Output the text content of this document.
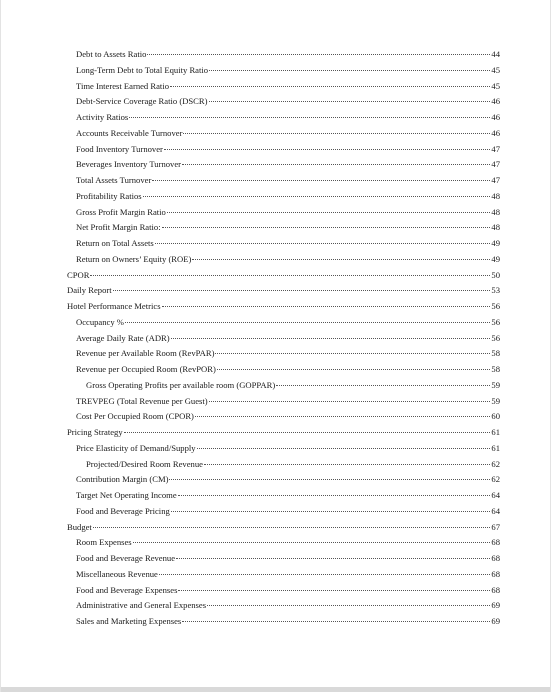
Debt to Assets Ratio	44
Long-Term Debt to Total Equity Ratio	45
Time Interest Earned Ratio	45
Debt-Service Coverage Ratio (DSCR)	46
Activity Ratios	46
Accounts Receivable Turnover	46
Food Inventory Turnover	47
Beverages Inventory Turnover	47
Total Assets Turnover	47
Profitability Ratios	48
Gross Profit Margin Ratio	48
Net Profit Margin Ratio:	48
Return on Total Assets	49
Return on Owners’ Equity (ROE)	49
CPOR	50
Daily Report	53
Hotel Performance Metrics	56
Occupancy %	56
Average Daily Rate (ADR)	56
Revenue per Available Room (RevPAR)	58
Revenue per Occupied Room (RevPOR)	58
Gross Operating Profits per available room (GOPPAR)	59
TREVPEG (Total Revenue per Guest)	59
Cost Per Occupied Room (CPOR)	60
Pricing Strategy	61
Price Elasticity of Demand/Supply	61
Projected/Desired Room Revenue	62
Contribution Margin (CM)	62
Target Net Operating Income	64
Food and Beverage Pricing	64
Budget	67
Room Expenses	68
Food and Beverage Revenue	68
Miscellaneous Revenue	68
Food and Beverage Expenses	68
Administrative and General Expenses	69
Sales and Marketing Expenses	69
